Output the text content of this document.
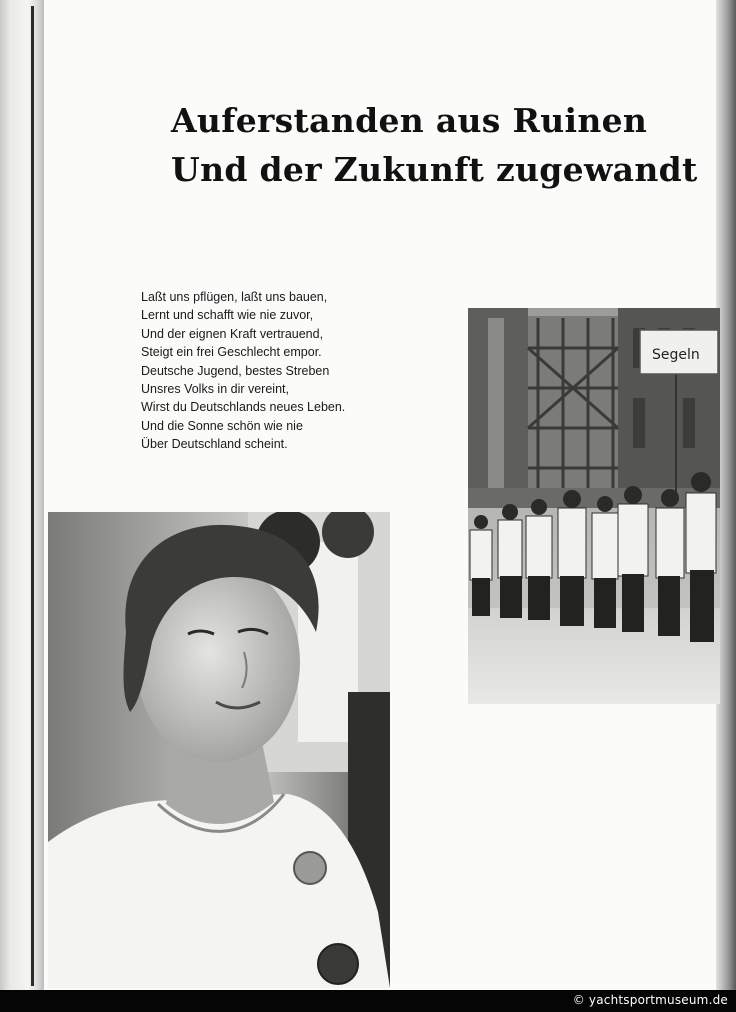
Auferstanden aus Ruinen
Und der Zukunft zugewandt
Laßt uns pflügen, laßt uns bauen,
Lernt und schafft wie nie zuvor,
Und der eignen Kraft vertrauend,
Steigt ein frei Geschlecht empor.
Deutsche Jugend, bestes Streben
Unsres Volks in dir vereint,
Wirst du Deutschlands neues Leben.
Und die Sonne schön wie nie
Über Deutschland scheint.
Segeln
© yachtsportmuseum.de
